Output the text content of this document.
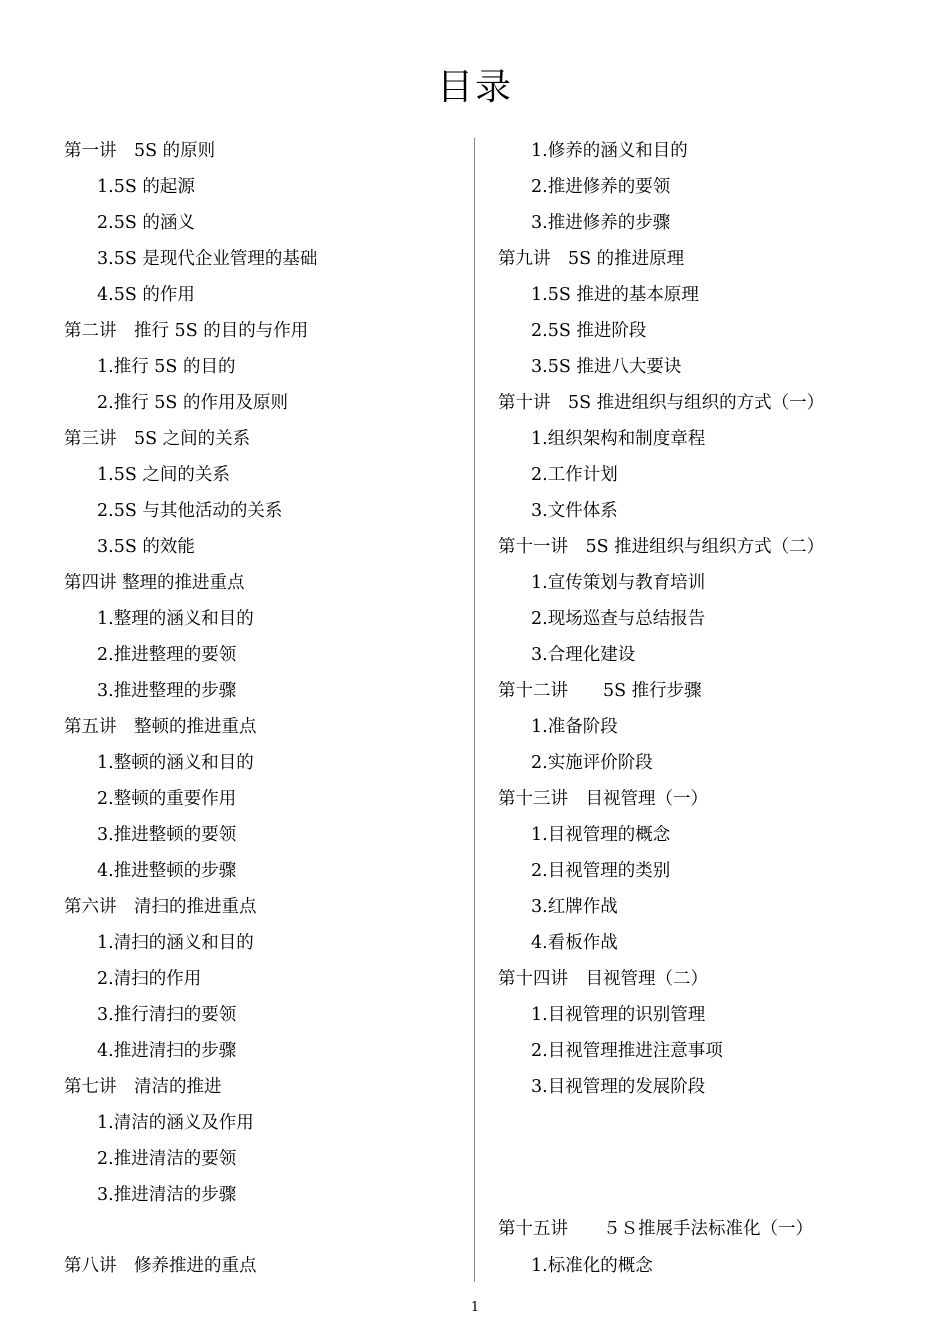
目录
第一讲　5S 的原则
1.5S 的起源
2.5S 的涵义
3.5S 是现代企业管理的基础
4.5S 的作用
第二讲　推行 5S 的目的与作用
1.推行 5S 的目的
2.推行 5S 的作用及原则
第三讲　5S 之间的关系
1.5S 之间的关系
2.5S 与其他活动的关系
3.5S 的效能
第四讲 整理的推进重点
1.整理的涵义和目的
2.推进整理的要领
3.推进整理的步骤
第五讲　整顿的推进重点
1.整顿的涵义和目的
2.整顿的重要作用
3.推进整顿的要领
4.推进整顿的步骤
第六讲　清扫的推进重点
1.清扫的涵义和目的
2.清扫的作用
3.推行清扫的要领
4.推进清扫的步骤
第七讲　清洁的推进
1.清洁的涵义及作用
2.推进清洁的要领
3.推进清洁的步骤
第八讲　修养推进的重点
1.修养的涵义和目的
2.推进修养的要领
3.推进修养的步骤
第九讲　5S 的推进原理
1.5S 推进的基本原理
2.5S 推进阶段
3.5S 推进八大要诀
第十讲　5S 推进组织与组织的方式（一）
1.组织架构和制度章程
2.工作计划
3.文件体系
第十一讲　5S 推进组织与组织方式（二）
1.宣传策划与教育培训
2.现场巡查与总结报告
3.合理化建设
第十二讲　　5S 推行步骤
1.准备阶段
2.实施评价阶段
第十三讲　目视管理（一）
1.目视管理的概念
2.目视管理的类别
3.红牌作战
4.看板作战
第十四讲　目视管理（二）
1.目视管理的识别管理
2.目视管理推进注意事项
3.目视管理的发展阶段
第十五讲　　５Ｓ推展手法标准化（一）
1.标准化的概念
1
